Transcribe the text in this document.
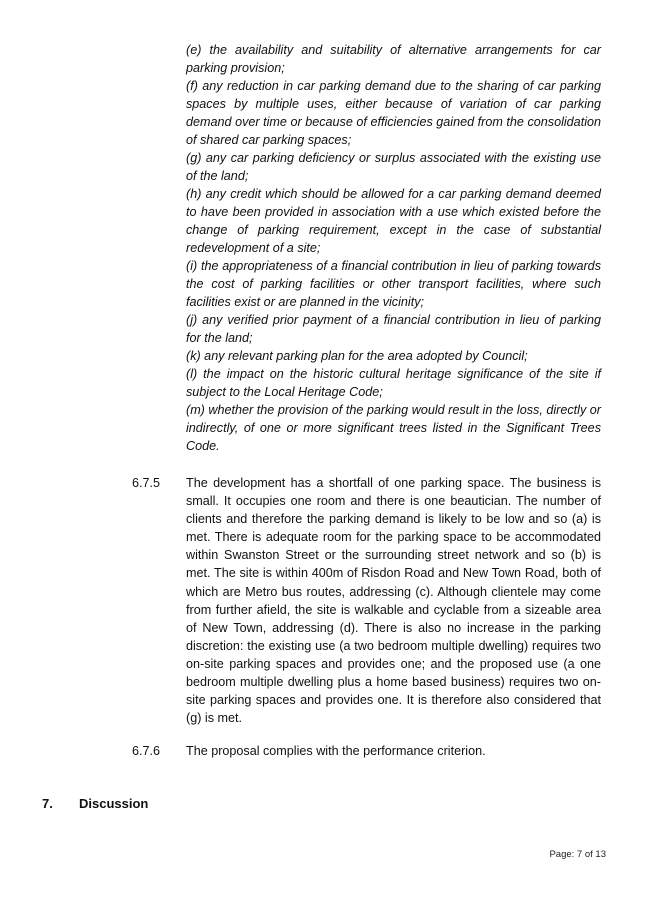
(e) the availability and suitability of alternative arrangements for car parking provision;

(f) any reduction in car parking demand due to the sharing of car parking spaces by multiple uses, either because of variation of car parking demand over time or because of efficiencies gained from the consolidation of shared car parking spaces;

(g) any car parking deficiency or surplus associated with the existing use of the land;

(h) any credit which should be allowed for a car parking demand deemed to have been provided in association with a use which existed before the change of parking requirement, except in the case of substantial redevelopment of a site;

(i) the appropriateness of a financial contribution in lieu of parking towards the cost of parking facilities or other transport facilities, where such facilities exist or are planned in the vicinity;

(j) any verified prior payment of a financial contribution in lieu of parking for the land;

(k) any relevant parking plan for the area adopted by Council;

(l) the impact on the historic cultural heritage significance of the site if subject to the Local Heritage Code;

(m) whether the provision of the parking would result in the loss, directly or indirectly, of one or more significant trees listed in the Significant Trees Code.

6.7.5 The development has a shortfall of one parking space. The business is small. It occupies one room and there is one beautician. The number of clients and therefore the parking demand is likely to be low and so (a) is met. There is adequate room for the parking space to be accommodated within Swanston Street or the surrounding street network and so (b) is met. The site is within 400m of Risdon Road and New Town Road, both of which are Metro bus routes, addressing (c). Although clientele may come from further afield, the site is walkable and cyclable from a sizeable area of New Town, addressing (d). There is also no increase in the parking discretion: the existing use (a two bedroom multiple dwelling) requires two on-site parking spaces and provides one; and the proposed use (a one bedroom multiple dwelling plus a home based business) requires two on-site parking spaces and provides one. It is therefore also considered that (g) is met.

6.7.6 The proposal complies with the performance criterion.

7. Discussion
Page: 7 of 13
